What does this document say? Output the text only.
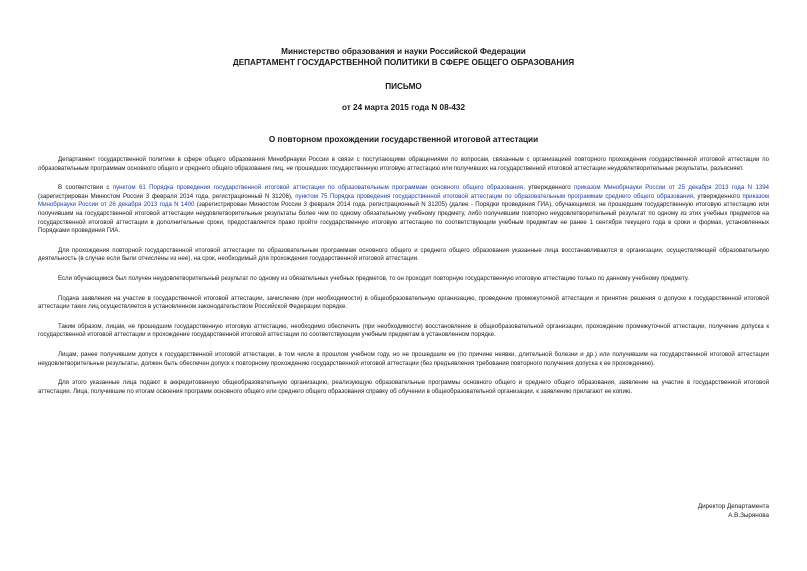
Министерство образования и науки Российской Федерации
ДЕПАРТАМЕНТ ГОСУДАРСТВЕННОЙ ПОЛИТИКИ В СФЕРЕ ОБЩЕГО ОБРАЗОВАНИЯ
ПИСЬМО
от 24 марта 2015 года N 08-432
О повторном прохождении государственной итоговой аттестации

Департамент государственной политики в сфере общего образования Минобрнауки России в связи с поступающими обращениями по вопросам, связанным с организацией повторного прохождения государственной итоговой аттестации по образовательным программам основного общего и среднего общего образования лиц, не прошедших государственную итоговую аттестацию или получивших на государственной итоговой аттестации неудовлетворительные результаты, разъясняет.

В соответствии с пунктом 61 Порядка проведения государственной итоговой аттестации по образовательным программам основного общего образования, утвержденного приказом Минобрнауки России от 25 декабря 2013 года N 1394 (зарегистрирован Минюстом России 3 февраля 2014 года, регистрационный N 31206), пунктом 75 Порядка проведения государственной итоговой аттестации по образовательным программам среднего общего образования, утвержденного приказом Минобрнауки России от 26 декабря 2013 года N 1400 (зарегистрирован Минюстом России 3 февраля 2014 года, регистрационный N 31205) (далее - Порядки проведения ГИА), обучающимся, не прошедшим государственную итоговую аттестацию или получившим на государственной итоговой аттестации неудовлетворительные результаты более чем по одному обязательному учебному предмету, либо получившим повторно неудовлетворительный результат по одному из этих учебных предметов на государственной итоговой аттестации в дополнительные сроки, предоставляется право пройти государственную итоговую аттестацию по соответствующим учебным предметам не ранее 1 сентября текущего года в сроки и формах, установленных Порядками проведения ГИА.

Для прохождения повторной государственной итоговой аттестации по образовательным программам основного общего и среднего общего образования указанные лица восстанавливаются в организации, осуществляющей образовательную деятельность (в случае если были отчислены из нее), на срок, необходимый для прохождения государственной итоговой аттестации.

Если обучающимся был получен неудовлетворительный результат по одному из обязательных учебных предметов, то он проходит повторную государственную итоговую аттестацию только по данному учебному предмету.

Подача заявления на участие в государственной итоговой аттестации, зачисление (при необходимости) в общеобразовательную организацию, проведение промежуточной аттестации и принятие решения о допуске к государственной итоговой аттестации таких лиц осуществляется в установленном законодательством Российской Федерации порядке.

Таким образом, лицам, не прошедшим государственную итоговую аттестацию, необходимо обеспечить (при необходимости) восстановление в общеобразовательной организации, прохождение промежуточной аттестации, получение допуска к государственной итоговой аттестации и прохождение государственной итоговой аттестации по соответствующим учебным предметам в установленном порядке.

Лицам, ранее получившим допуск к государственной итоговой аттестации, в том числе в прошлом учебном году, но не прошедшим ее (по причине неявки, длительной болезни и др.) или получившим на государственной итоговой аттестации неудовлетворительные результаты, должен быть обеспечен допуск к повторному прохождению государственной итоговой аттестации (без предъявления требования повторного получения допуска к ее прохождению).

Для этого указанные лица подают в аккредитованную общеобразовательную организацию, реализующую образовательные программы основного общего и среднего общего образования, заявление на участие в государственной итоговой аттестации. Лица, получившие по итогам освоения программ основного общего или среднего общего образования справку об обучении в общеобразовательной организации, к заявлению прилагают ее копию.

Директор Департамента
А.В.Зырянова
